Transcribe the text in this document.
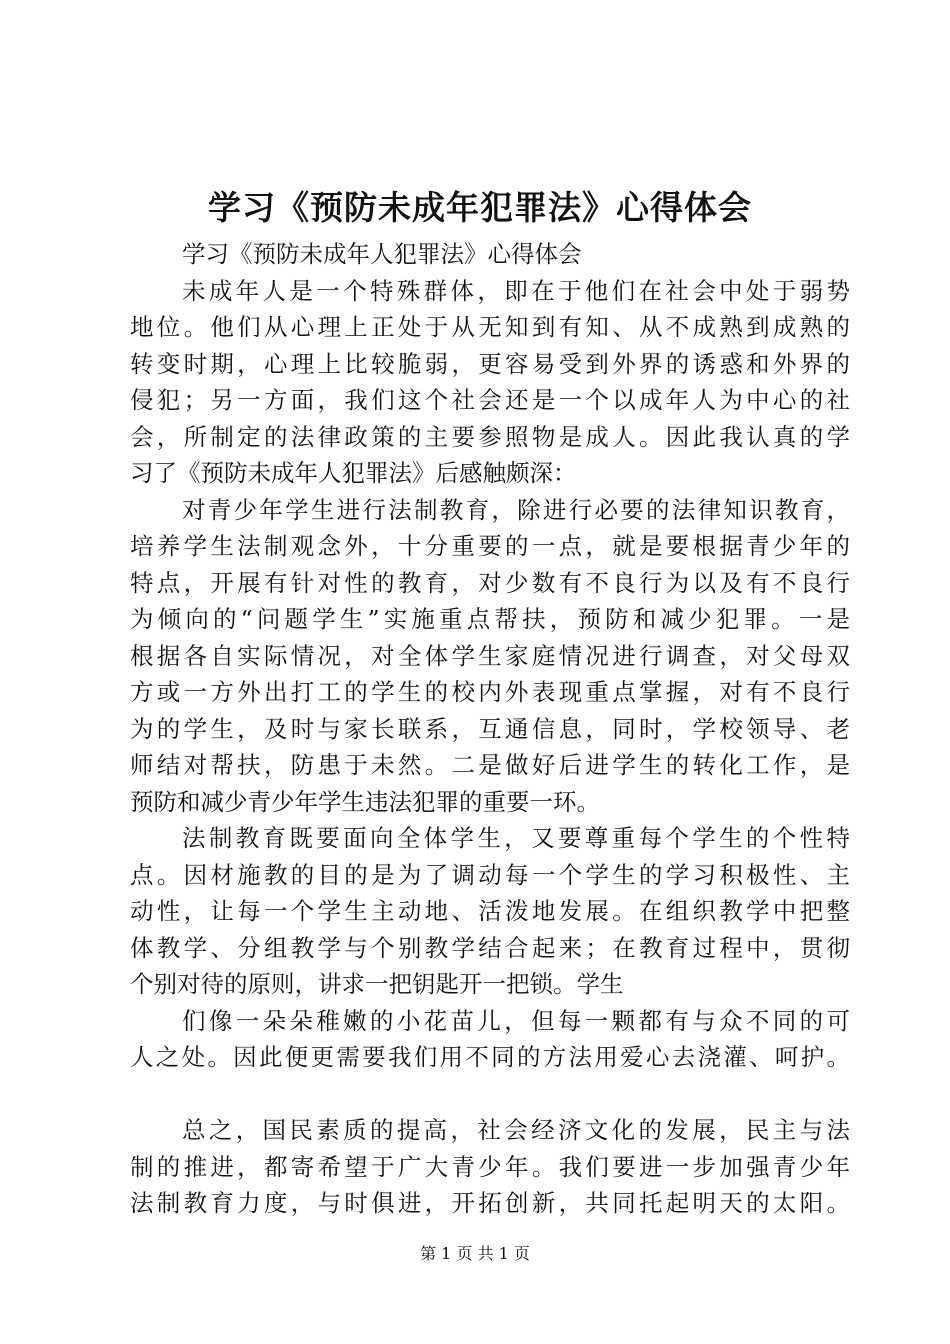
学习《预防未成年犯罪法》心得体会
学习《预防未成年人犯罪法》心得体会
未成年人是一个特殊群体，即在于他们在社会中处于弱势
地位。他们从心理上正处于从无知到有知、从不成熟到成熟的
转变时期，心理上比较脆弱，更容易受到外界的诱惑和外界的
侵犯；另一方面，我们这个社会还是一个以成年人为中心的社
会，所制定的法律政策的主要参照物是成人。因此我认真的学
习了《预防未成年人犯罪法》后感触颇深：
对青少年学生进行法制教育，除进行必要的法律知识教育，
培养学生法制观念外，十分重要的一点，就是要根据青少年的
特点，开展有针对性的教育，对少数有不良行为以及有不良行
为倾向的“问题学生”实施重点帮扶，预防和减少犯罪。一是
根据各自实际情况，对全体学生家庭情况进行调查，对父母双
方或一方外出打工的学生的校内外表现重点掌握，对有不良行
为的学生，及时与家长联系，互通信息，同时，学校领导、老
师结对帮扶，防患于未然。二是做好后进学生的转化工作，是
预防和减少青少年学生违法犯罪的重要一环。
法制教育既要面向全体学生，又要尊重每个学生的个性特
点。因材施教的目的是为了调动每一个学生的学习积极性、主
动性，让每一个学生主动地、活泼地发展。在组织教学中把整
体教学、分组教学与个别教学结合起来；在教育过程中，贯彻
个别对待的原则，讲求一把钥匙开一把锁。学生
们像一朵朵稚嫩的小花苗儿，但每一颗都有与众不同的可
人之处。因此便更需要我们用不同的方法用爱心去浇灌、呵护。
总之，国民素质的提高，社会经济文化的发展，民主与法
制的推进，都寄希望于广大青少年。我们要进一步加强青少年
法制教育力度，与时俱进，开拓创新，共同托起明天的太阳。
第 1 页 共 1 页
